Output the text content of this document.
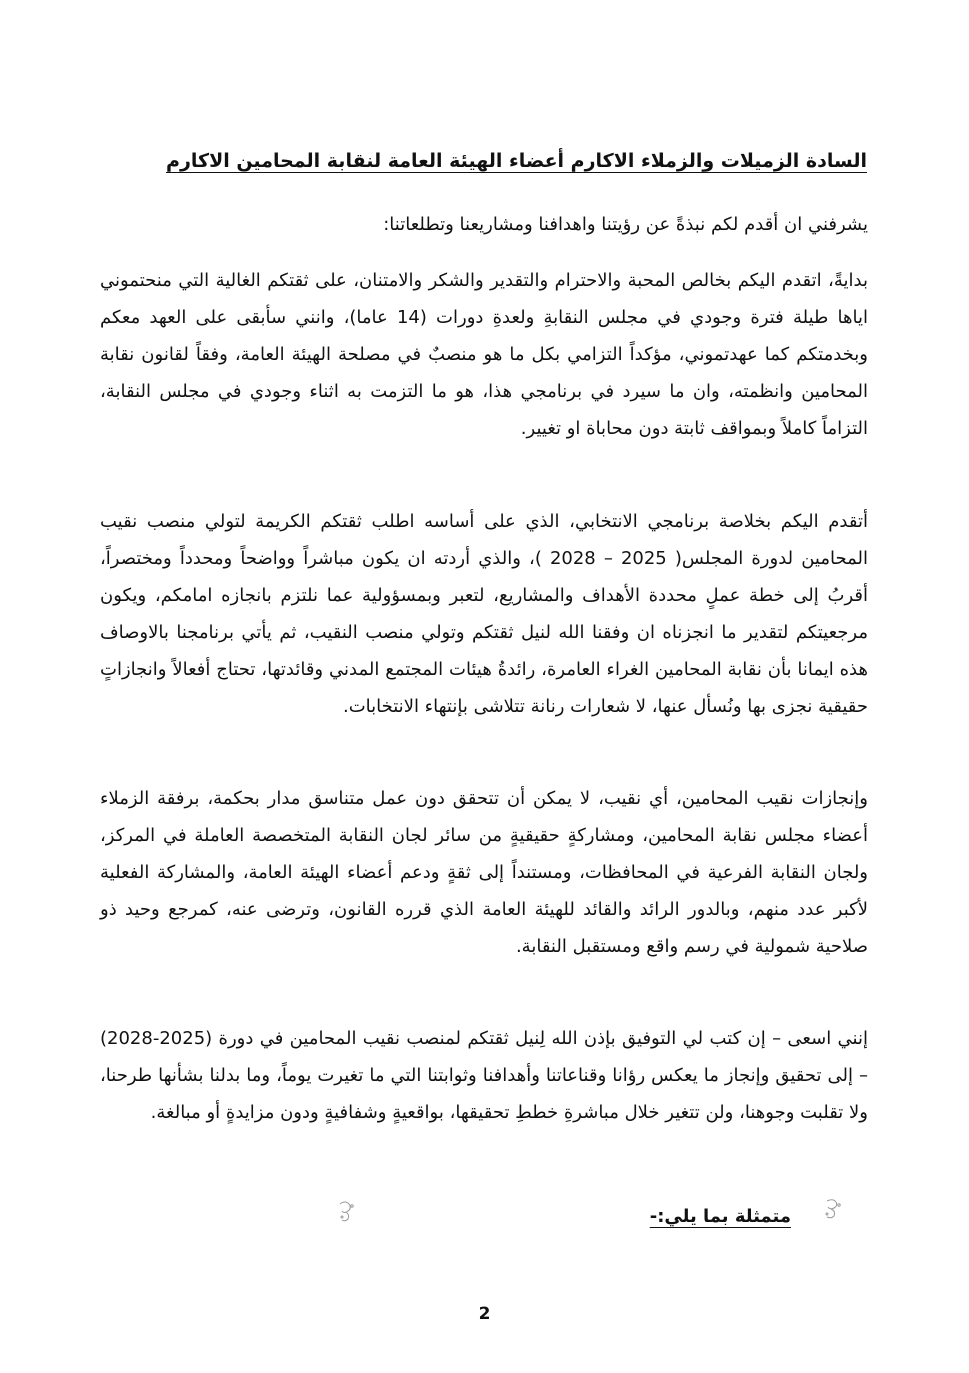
السادة الزميلات والزملاء الاكارم أعضاء الهيئة العامة لنقابة المحامين الاكارم
يشرفني ان أقدم لكم نبذةً عن رؤيتنا واهدافنا ومشاريعنا وتطلعاتنا:
بدايةً، اتقدم اليكم بخالص المحبة والاحترام والتقدير والشكر والامتنان، على ثقتكم الغالية التي منحتموني اياها طيلة فترة وجودي في مجلس النقابةِ ولعدةِ دورات (14 عاما)، وانني سأبقى على العهد معكم وبخدمتكم كما عهدتموني، مؤكداً التزامي بكل ما هو منصبٌ في مصلحة الهيئة العامة، وفقاً لقانون نقابة المحامين وانظمته، وان ما سيرد في برنامجي هذا، هو ما التزمت به اثناء وجودي في مجلس النقابة، التزاماً كاملاً وبمواقف ثابتة دون محاباة او تغيير.
أتقدم اليكم بخلاصة برنامجي الانتخابي، الذي على أساسه اطلب ثقتكم الكريمة لتولي منصب نقيب المحامين لدورة المجلس( 2025 – 2028 )، والذي أردته ان يكون مباشراً وواضحاً ومحدداً ومختصراً، أقربُ إلى خطة عملٍ محددة الأهداف والمشاريع، لتعبر وبمسؤولية عما نلتزم بانجازه امامكم، ويكون مرجعيتكم لتقدير ما انجزناه ان وفقنا الله لنيل ثقتكم وتولي منصب النقيب، ثم يأتي برنامجنا بالاوصاف هذه ايمانا بأن نقابة المحامين الغراء العامرة، رائدةُ هيئات المجتمع المدني وقائدتها، تحتاج أفعالاً وانجازاتٍ حقيقية نجزى بها ونُسأل عنها، لا شعارات رنانة تتلاشى بإنتهاء الانتخابات.
وإنجازات نقيب المحامين، أي نقيب، لا يمكن أن تتحقق دون عمل متناسق مدار بحكمة، برفقة الزملاء أعضاء مجلس نقابة المحامين، ومشاركةٍ حقيقيةٍ من سائر لجان النقابة المتخصصة العاملة في المركز، ولجان النقابة الفرعية في المحافظات، ومستنداً إلى ثقةٍ ودعم أعضاء الهيئة العامة، والمشاركة الفعلية لأكبر عدد منهم، وبالدور الرائد والقائد للهيئة العامة الذي قرره القانون، وترضى عنه، كمرجع وحيد ذو صلاحية شمولية في رسم واقع ومستقبل النقابة.
إنني اسعى – إن كتب لي التوفيق بإذن الله لِنيل ثقتكم لمنصب نقيب المحامين في دورة (2025-2028) – إلى تحقيق وإنجاز ما يعكس رؤانا وقناعاتنا وأهدافنا وثوابتنا التي ما تغيرت يوماً، وما بدلنا بشأنها طرحنا، ولا تقلبت وجوهنا، ولن تتغير خلال مباشرةِ خططِ تحقيقها، بواقعيةٍ وشفافيةٍ ودون مزايدةٍ أو مبالغة.
متمثلة بما يلي:-
2
